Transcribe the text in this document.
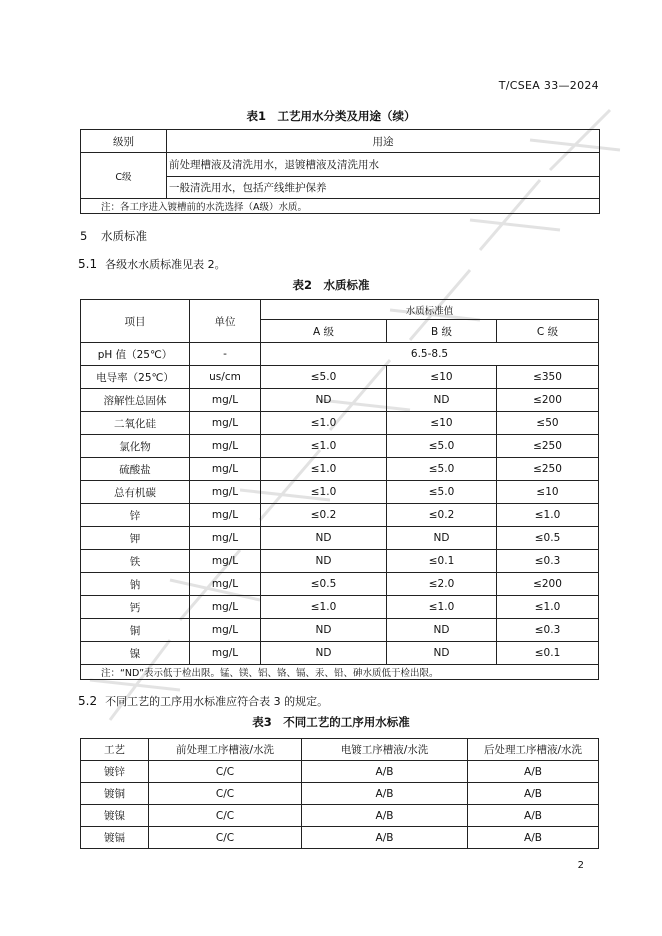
T/CSEA 33—2024
表1　工艺用水分类及用途（续）
级别	用途
C级	前处理槽液及清洗用水，退镀槽液及清洗用水
	一般清洗用水，包括产线维护保养
注：各工序进入镀槽前的水洗选择（A级）水质。	
5 水质标准
5.1 各级水水质标准见表 2。
表2　水质标准
项目	单位	水质标准值		
		A 级	B 级	C 级
pH 值（25℃）	-	6.5-8.5		
电导率（25℃）	us/cm	≤5.0	≤10	≤350
溶解性总固体	mg/L	ND	ND	≤200
二氧化硅	mg/L	≤1.0	≤10	≤50
氯化物	mg/L	≤1.0	≤5.0	≤250
硫酸盐	mg/L	≤1.0	≤5.0	≤250
总有机碳	mg/L	≤1.0	≤5.0	≤10
锌	mg/L	≤0.2	≤0.2	≤1.0
钾	mg/L	ND	ND	≤0.5
铁	mg/L	ND	≤0.1	≤0.3
钠	mg/L	≤0.5	≤2.0	≤200
钙	mg/L	≤1.0	≤1.0	≤1.0
铜	mg/L	ND	ND	≤0.3
镍	mg/L	ND	ND	≤0.1
注：“ND”表示低于检出限。锰、镁、铝、铬、镉、汞、铅、砷水质低于检出限。				
5.2 不同工艺的工序用水标准应符合表 3 的规定。
表3　不同工艺的工序用水标准
工艺	前处理工序槽液/水洗	电镀工序槽液/水洗	后处理工序槽液/水洗
镀锌	C/C	A/B	A/B
镀铜	C/C	A/B	A/B
镀镍	C/C	A/B	A/B
镀镉	C/C	A/B	A/B
2
